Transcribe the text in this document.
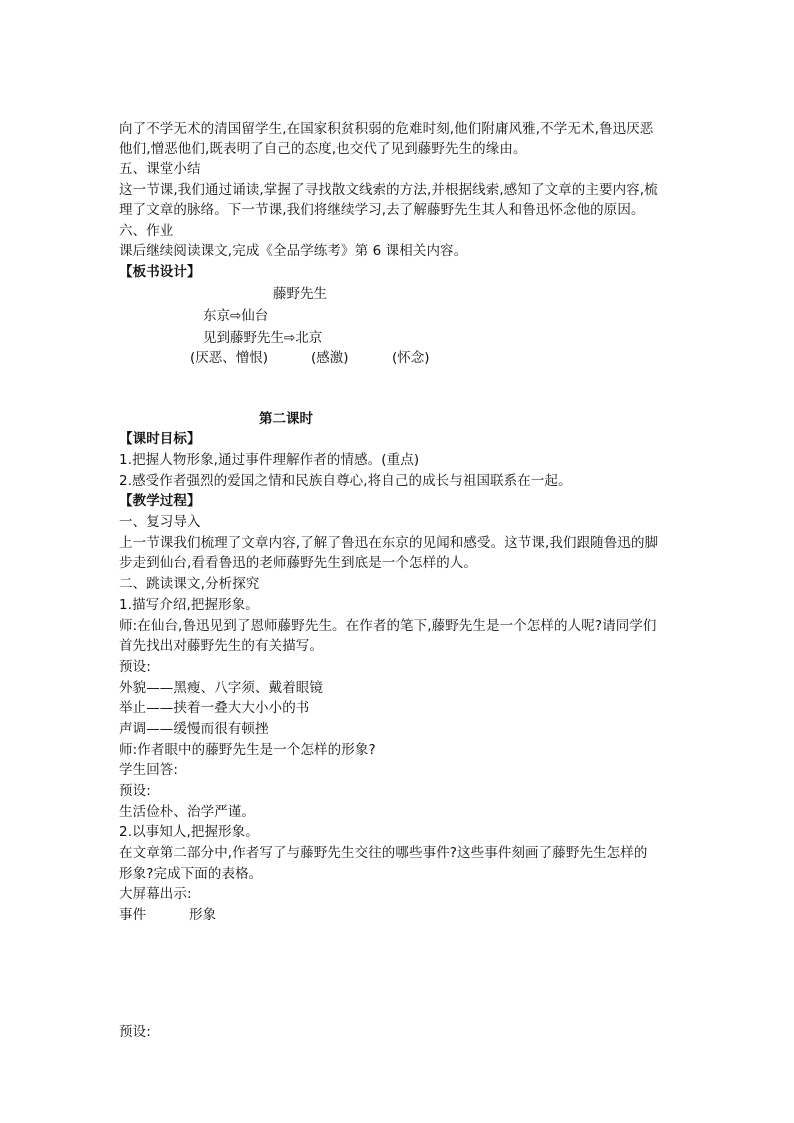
向了不学无术的清国留学生,在国家积贫积弱的危难时刻,他们附庸风雅,不学无术,鲁迅厌恶
他们,憎恶他们,既表明了自己的态度,也交代了见到藤野先生的缘由。
五、课堂小结
这一节课,我们通过诵读,掌握了寻找散文线索的方法,并根据线索,感知了文章的主要内容,梳
理了文章的脉络。下一节课,我们将继续学习,去了解藤野先生其人和鲁迅怀念他的原因。
六、作业
课后继续阅读课文,完成《全品学练考》第 6 课相关内容。
【板书设计】
藤野先生
东京⇨仙台
见到藤野先生⇨北京
(厌恶、憎恨)	(感激)	(怀念)
第二课时
【课时目标】
1.把握人物形象,通过事件理解作者的情感。(重点)
2.感受作者强烈的爱国之情和民族自尊心,将自己的成长与祖国联系在一起。
【教学过程】
一、复习导入
上一节课我们梳理了文章内容,了解了鲁迅在东京的见闻和感受。这节课,我们跟随鲁迅的脚
步走到仙台,看看鲁迅的老师藤野先生到底是一个怎样的人。
二、跳读课文,分析探究
1.描写介绍,把握形象。
师:在仙台,鲁迅见到了恩师藤野先生。在作者的笔下,藤野先生是一个怎样的人呢?请同学们
首先找出对藤野先生的有关描写。
预设:
外貌——黑瘦、八字须、戴着眼镜
举止——挟着一叠大大小小的书
声调——缓慢而很有顿挫
师:作者眼中的藤野先生是一个怎样的形象?
学生回答:
预设:
生活俭朴、治学严谨。
2.以事知人,把握形象。
在文章第二部分中,作者写了与藤野先生交往的哪些事件?这些事件刻画了藤野先生怎样的
形象?完成下面的表格。
大屏幕出示:
事件	形象
预设:
